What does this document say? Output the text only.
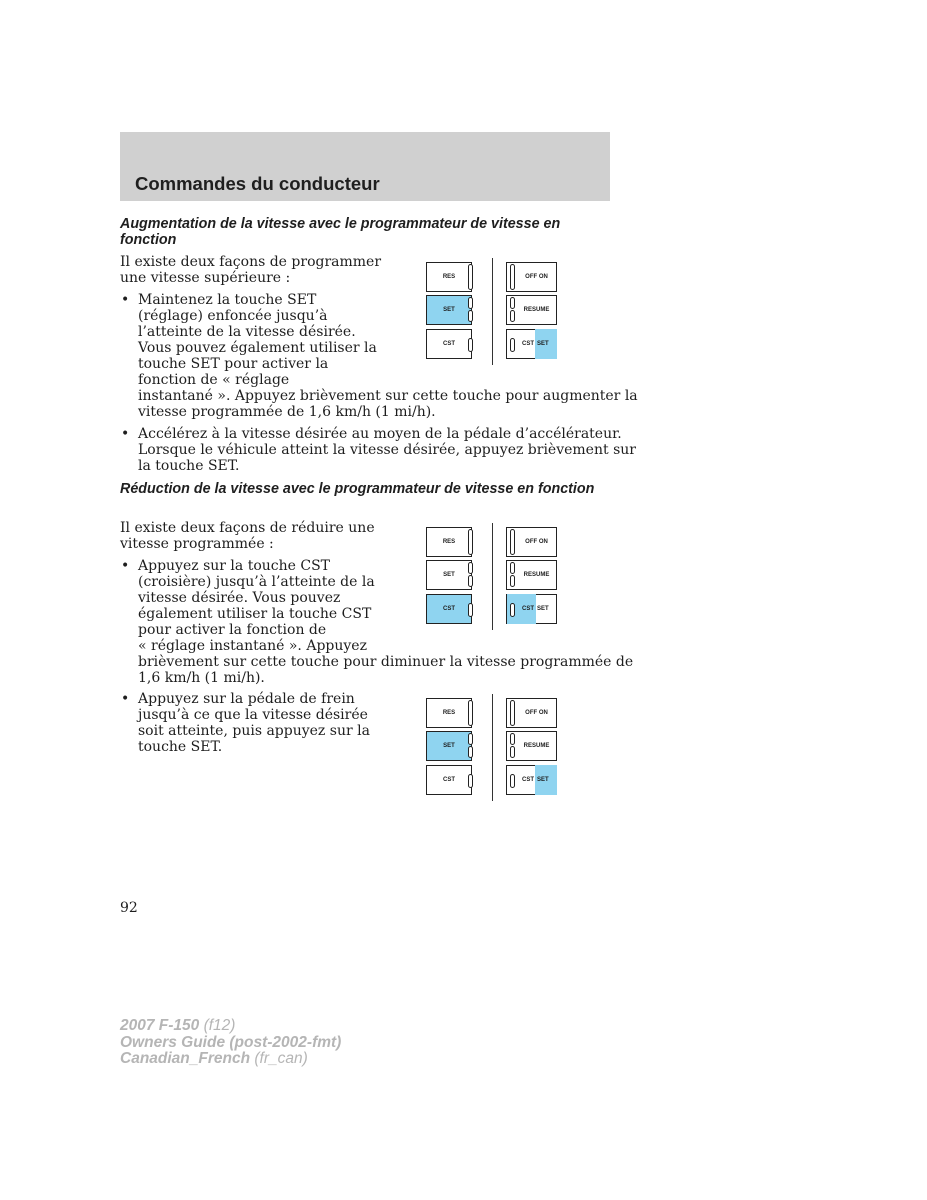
Commandes du conducteur
Augmentation de la vitesse avec le programmateur de vitesse en fonction
Il existe deux façons de programmer
une vitesse supérieure :
• Maintenez la touche SET
(réglage) enfoncée jusqu’à
l’atteinte de la vitesse désirée.
Vous pouvez également utiliser la
touche SET pour activer la
fonction de « réglage
instantané ». Appuyez brièvement sur cette touche pour augmenter la
vitesse programmée de 1,6 km/h (1 mi/h).
• Accélérez à la vitesse désirée au moyen de la pédale d’accélérateur.
Lorsque le véhicule atteint la vitesse désirée, appuyez brièvement sur
la touche SET.
RES
SET
CST
OFF ON
RESUME
CST SET
Réduction de la vitesse avec le programmateur de vitesse en fonction
Il existe deux façons de réduire une
vitesse programmée :
• Appuyez sur la touche CST
(croisière) jusqu’à l’atteinte de la
vitesse désirée. Vous pouvez
également utiliser la touche CST
pour activer la fonction de
« réglage instantané ». Appuyez
brièvement sur cette touche pour diminuer la vitesse programmée de
1,6 km/h (1 mi/h).
• Appuyez sur la pédale de frein
jusqu’à ce que la vitesse désirée
soit atteinte, puis appuyez sur la
touche SET.
RES
SET
CST
OFF ON
RESUME
CST SET
RES
SET
CST
OFF ON
RESUME
CST SET
92
2007 F-150 (f12)
Owners Guide (post-2002-fmt)
Canadian_French (fr_can)
